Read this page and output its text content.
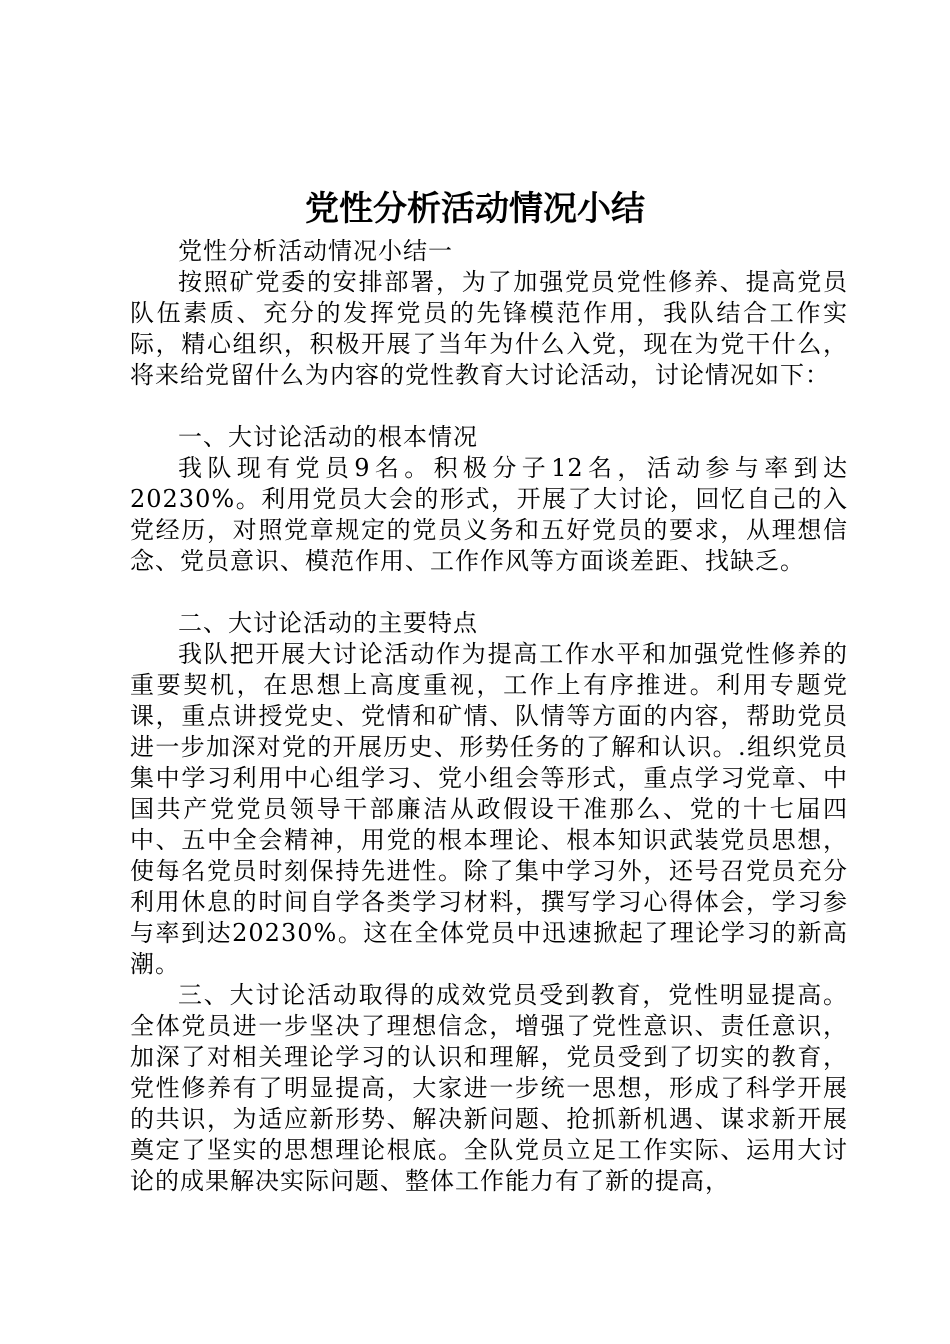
党性分析活动情况小结

党性分析活动情况小结一

按照矿党委的安排部署，为了加强党员党性修养、提高党员队伍素质、充分的发挥党员的先锋模范作用，我队结合工作实际，精心组织，积极开展了当年为什么入党，现在为党干什么，将来给党留什么为内容的党性教育大讨论活动，讨论情况如下：

一、大讨论活动的根本情况

我队现有党员9名。积极分子12名，活动参与率到达20230%。利用党员大会的形式，开展了大讨论，回忆自己的入党经历，对照党章规定的党员义务和五好党员的要求，从理想信念、党员意识、模范作用、工作作风等方面谈差距、找缺乏。

二、大讨论活动的主要特点

我队把开展大讨论活动作为提高工作水平和加强党性修养的重要契机，在思想上高度重视，工作上有序推进。利用专题党课，重点讲授党史、党情和矿情、队情等方面的内容，帮助党员进一步加深对党的开展历史、形势任务的了解和认识。.组织党员集中学习利用中心组学习、党小组会等形式，重点学习党章、中国共产党党员领导干部廉洁从政假设干准那么、党的十七届四中、五中全会精神，用党的根本理论、根本知识武装党员思想，使每名党员时刻保持先进性。除了集中学习外，还号召党员充分利用休息的时间自学各类学习材料，撰写学习心得体会，学习参与率到达20230%。这在全体党员中迅速掀起了理论学习的新高潮。

三、大讨论活动取得的成效党员受到教育，党性明显提高。全体党员进一步坚决了理想信念，增强了党性意识、责任意识，加深了对相关理论学习的认识和理解，党员受到了切实的教育，党性修养有了明显提高，大家进一步统一思想，形成了科学开展的共识，为适应新形势、解决新问题、抢抓新机遇、谋求新开展奠定了坚实的思想理论根底。全队党员立足工作实际、运用大讨论的成果解决实际问题、整体工作能力有了新的提高，
